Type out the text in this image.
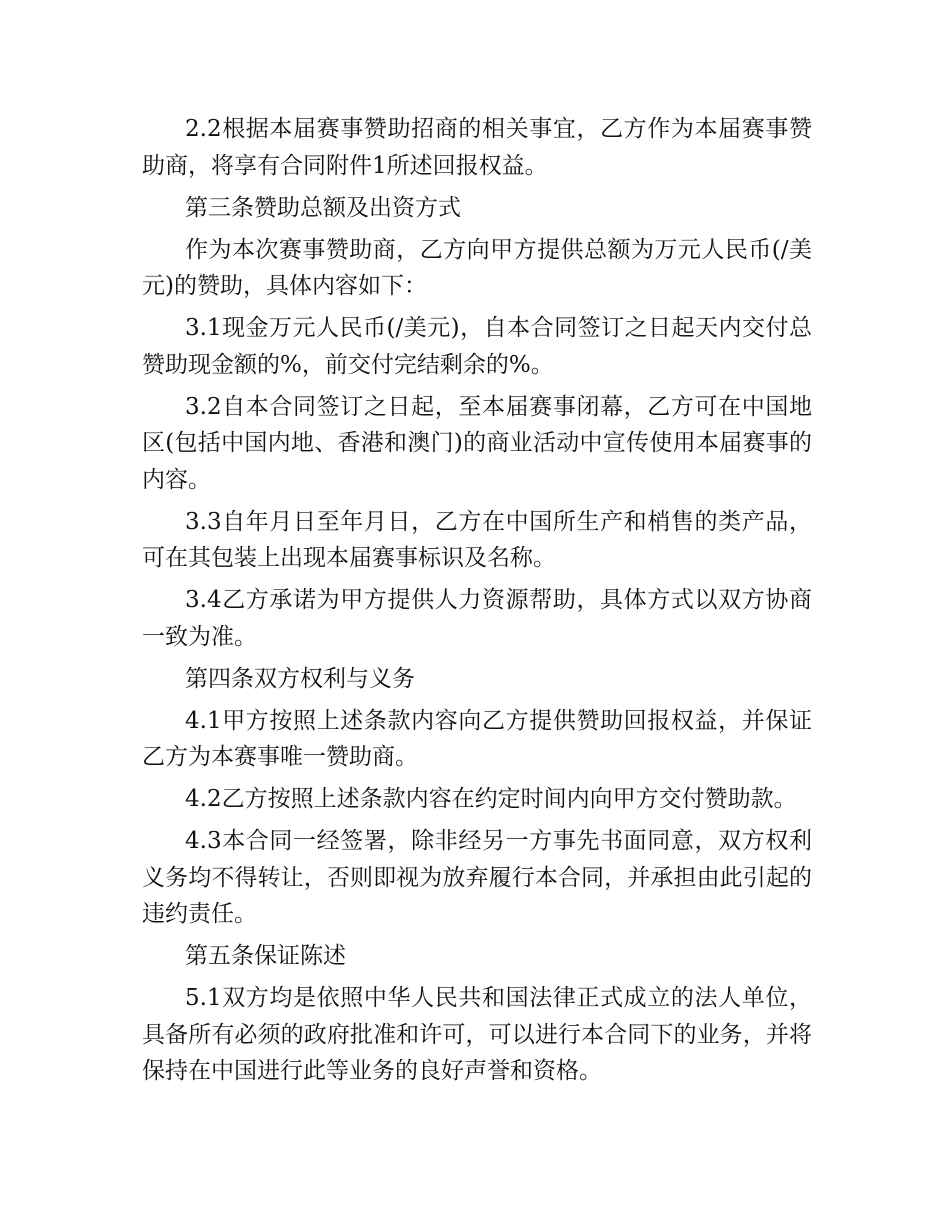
2.2根据本届赛事赞助招商的相关事宜，乙方作为本届赛事赞助商，将享有合同附件1所述回报权益。

第三条赞助总额及出资方式

作为本次赛事赞助商，乙方向甲方提供总额为万元人民币(/美元)的赞助，具体内容如下：

3.1现金万元人民币(/美元)，自本合同签订之日起天内交付总赞助现金额的%，前交付完结剩余的%。

3.2自本合同签订之日起，至本届赛事闭幕，乙方可在中国地区(包括中国内地、香港和澳门)的商业活动中宣传使用本届赛事的内容。

3.3自年月日至年月日，乙方在中国所生产和梢售的类产品，可在其包装上出现本届赛事标识及名称。

3.4乙方承诺为甲方提供人力资源帮助，具体方式以双方协商一致为准。

第四条双方权利与义务

4.1甲方按照上述条款内容向乙方提供赞助回报权益，并保证乙方为本赛事唯一赞助商。

4.2乙方按照上述条款内容在约定时间内向甲方交付赞助款。

4.3本合同一经签署，除非经另一方事先书面同意，双方权利义务均不得转让，否则即视为放弃履行本合同，并承担由此引起的违约责任。

第五条保证陈述

5.1双方均是依照中华人民共和国法律正式成立的法人单位，具备所有必须的政府批准和许可，可以进行本合同下的业务，并将保持在中国进行此等业务的良好声誉和资格。
